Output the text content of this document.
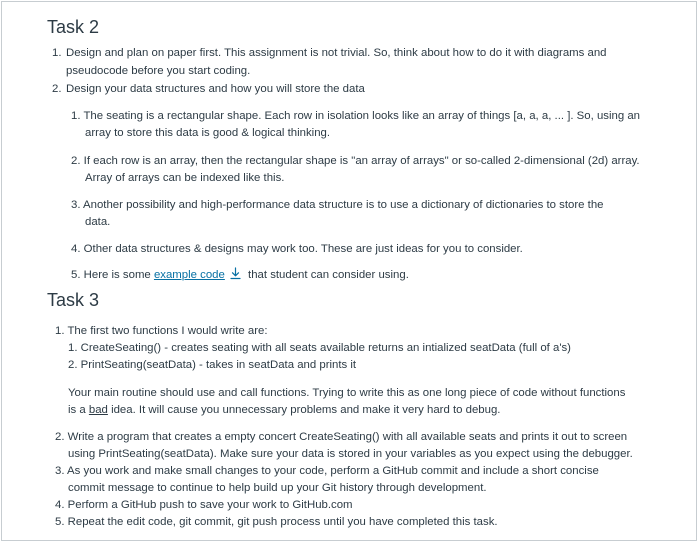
Task 2
1. Design and plan on paper first. This assignment is not trivial. So, think about how to do it with diagrams and
pseudocode before you start coding.
2. Design your data structures and how you will store the data
1. The seating is a rectangular shape. Each row in isolation looks like an array of things [a, a, a, ... ]. So, using an
array to store this data is good & logical thinking.
2. If each row is an array, then the rectangular shape is "an array of arrays" or so-called 2-dimensional (2d) array.
Array of arrays can be indexed like this.
3. Another possibility and high-performance data structure is to use a dictionary of dictionaries to store the
data.
4. Other data structures & designs may work too. These are just ideas for you to consider.
5. Here is some example code that student can consider using.
Task 3
1. The first two functions I would write are:
1. CreateSeating() - creates seating with all seats available returns an intialized seatData (full of a's)
2. PrintSeating(seatData) - takes in seatData and prints it
Your main routine should use and call functions. Trying to write this as one long piece of code without functions
is a bad idea. It will cause you unnecessary problems and make it very hard to debug.
2. Write a program that creates a empty concert CreateSeating() with all available seats and prints it out to screen
using PrintSeating(seatData). Make sure your data is stored in your variables as you expect using the debugger.
3. As you work and make small changes to your code, perform a GitHub commit and include a short concise
commit message to continue to help build up your Git history through development.
4. Perform a GitHub push to save your work to GitHub.com
5. Repeat the edit code, git commit, git push process until you have completed this task.
